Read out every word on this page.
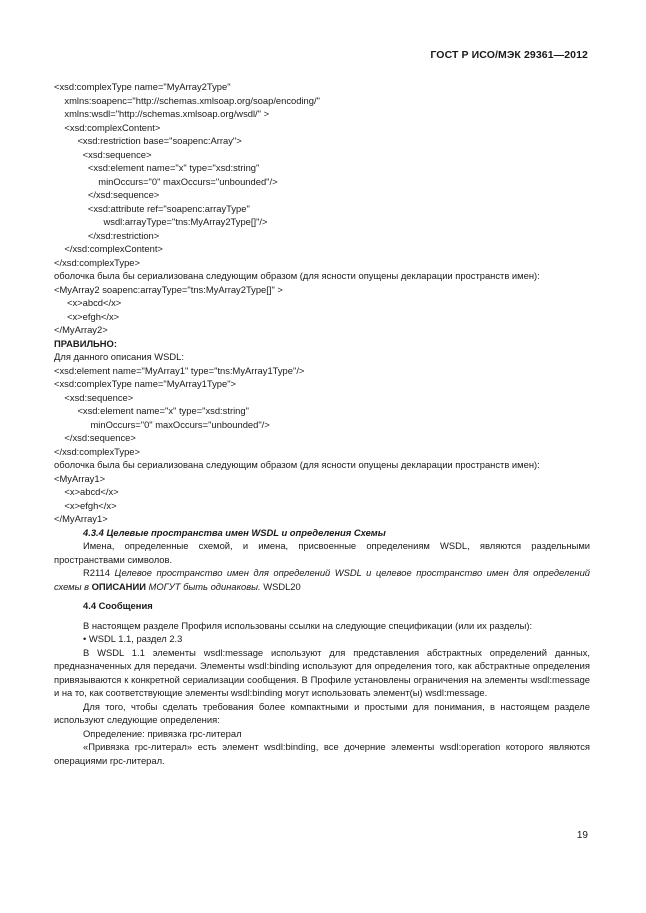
ГОСТ Р ИСО/МЭК 29361—2012
<xsd:complexType name="MyArray2Type"
xmlns:soapenc="http://schemas.xmlsoap.org/soap/encoding/"
xmlns:wsdl="http://schemas.xmlsoap.org/wsdl/" >
<xsd:complexContent>
<xsd:restriction base="soapenc:Array">
<xsd:sequence>
<xsd:element name="x" type="xsd:string"
minOccurs="0" maxOccurs="unbounded"/>
</xsd:sequence>
<xsd:attribute ref="soapenc:arrayType"
wsdl:arrayType="tns:MyArray2Type[]"/>
</xsd:restriction>
</xsd:complexContent>
</xsd:complexType>
оболочка была бы сериализована следующим образом (для ясности опущены декларации пространств имен):
<MyArray2 soapenc:arrayType="tns:MyArray2Type[]" >
<x>abcd</x>
<x>efgh</x>
</MyArray2>
ПРАВИЛЬНО:
Для данного описания WSDL:
<xsd:element name="MyArray1" type="tns:MyArray1Type"/>
<xsd:complexType name="MyArray1Type">
<xsd:sequence>
<xsd:element name="x" type="xsd:string"
minOccurs="0" maxOccurs="unbounded"/>
</xsd:sequence>
</xsd:complexType>
оболочка была бы сериализована следующим образом (для ясности опущены декларации пространств имен):
<MyArray1>
<x>abcd</x>
<x>efgh</x>
</MyArray1>
4.3.4 Целевые пространства имен WSDL и определения Схемы
Имена, определенные схемой, и имена, присвоенные определениям WSDL, являются раздельными пространствами символов.
R2114 Целевое пространство имен для определений WSDL и целевое пространство имен для определений схемы в ОПИСАНИИ МОГУТ быть одинаковы. WSDL20
4.4 Сообщения
В настоящем разделе Профиля использованы ссылки на следующие спецификации (или их разделы):
• WSDL 1.1, раздел 2.3
В WSDL 1.1 элементы wsdl:message используют для представления абстрактных определений данных, предназначенных для передачи. Элементы wsdl:binding используют для определения того, как абстрактные определения привязываются к конкретной сериализации сообщения. В Профиле установлены ограничения на элементы wsdl:message и на то, как соответствующие элементы wsdl:binding могут использовать элемент(ы) wsdl:message.
Для того, чтобы сделать требования более компактными и простыми для понимания, в настоящем разделе используют следующие определения:
Определение: привязка rpc-литерал
«Привязка rpc-литерал» есть элемент wsdl:binding, все дочерние элементы wsdl:operation которого являются операциями rpc-литерал.
19
